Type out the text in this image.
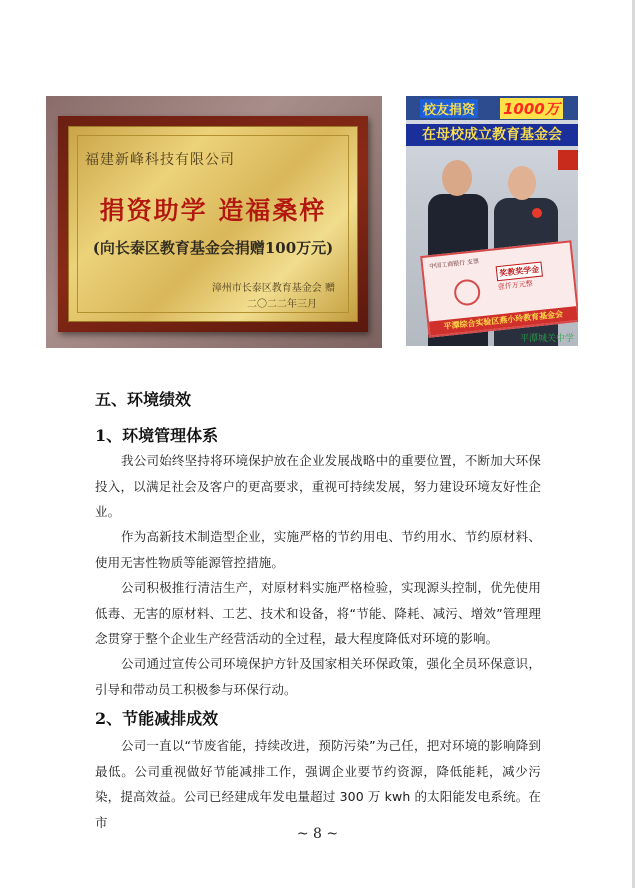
福建新峰科技有限公司
捐资助学 造福桑梓
(向长泰区教育基金会捐赠100万元)
漳州市长泰区教育基金会 赠
二〇二二年三月
校友捐资 1000万
在母校成立教育基金会
中国工商银行 支票
奖教奖学金
壹仟万元整
平潭综合实验区燕小玲教育基金会
平潭城关中学
五、环境绩效
1、环境管理体系
我公司始终坚持将环境保护放在企业发展战略中的重要位置，不断加大环保投入，以满足社会及客户的更高要求，重视可持续发展，努力建设环境友好性企业。
作为高新技术制造型企业，实施严格的节约用电、节约用水、节约原材料、使用无害性物质等能源管控措施。
公司积极推行清洁生产，对原材料实施严格检验，实现源头控制，优先使用低毒、无害的原材料、工艺、技术和设备，将“节能、降耗、减污、增效”管理理念贯穿于整个企业生产经营活动的全过程，最大程度降低对环境的影响。
公司通过宣传公司环境保护方针及国家相关环保政策，强化全员环保意识，引导和带动员工积极参与环保行动。
2、节能减排成效
公司一直以“节废省能，持续改进，预防污染”为己任，把对环境的影响降到最低。公司重视做好节能减排工作，强调企业要节约资源，降低能耗，减少污染，提高效益。公司已经建成年发电量超过 300 万 kwh 的太阳能发电系统。在市
~ 8 ~
